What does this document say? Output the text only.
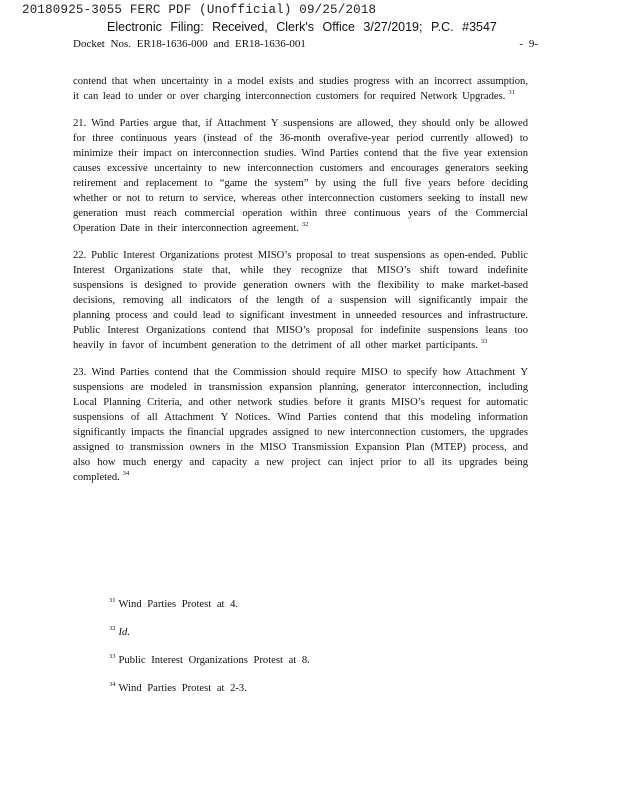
20180925-3055 FERC PDF (Unofficial) 09/25/2018
Electronic Filing: Received, Clerk's Office 3/27/2019; P.C. #3547
Docket Nos. ER18-1636-000 and ER18-1636-001	- 9-

contend that when uncertainty in a model exists and studies progress with an incorrect assumption, it can lead to under or over charging interconnection customers for required Network Upgrades. $^{31}$

21. Wind Parties argue that, if Attachment Y suspensions are allowed, they should only be allowed for three continuous years (instead of the 36-month overafive-year period currently allowed) to minimize their impact on interconnection studies. Wind Parties contend that the five year extension causes excessive uncertainty to new interconnection customers and encourages generators seeking retirement and replacement to “game the system” by using the full five years before deciding whether or not to return to service, whereas other interconnection customers seeking to install new generation must reach commercial operation within three continuous years of the Commercial Operation Date in their interconnection agreement. $^{32}$

22. Public Interest Organizations protest MISO’s proposal to treat suspensions as open-ended. Public Interest Organizations state that, while they recognize that MISO’s shift toward indefinite suspensions is designed to provide generation owners with the flexibility to make market-based decisions, removing all indicators of the length of a suspension will significantly impair the planning process and could lead to significant investment in unneeded resources and infrastructure. Public Interest Organizations contend that MISO’s proposal for indefinite suspensions leans too heavily in favor of incumbent generation to the detriment of all other market participants. $^{33}$

23. Wind Parties contend that the Commission should require MISO to specify how Attachment Y suspensions are modeled in transmission expansion planning, generator interconnection, including Local Planning Criteria, and other network studies before it grants MISO’s request for automatic suspensions of all Attachment Y Notices. Wind Parties contend that this modeling information significantly impacts the financial upgrades assigned to new interconnection customers, the upgrades assigned to transmission owners in the MISO Transmission Expansion Plan (MTEP) process, and also how much energy and capacity a new project can inject prior to all its upgrades being completed. $^{34}$

$^{31}$ Wind Parties Protest at 4.
$^{32}$ Id.
$^{33}$ Public Interest Organizations Protest at 8.
$^{34}$ Wind Parties Protest at 2-3.
